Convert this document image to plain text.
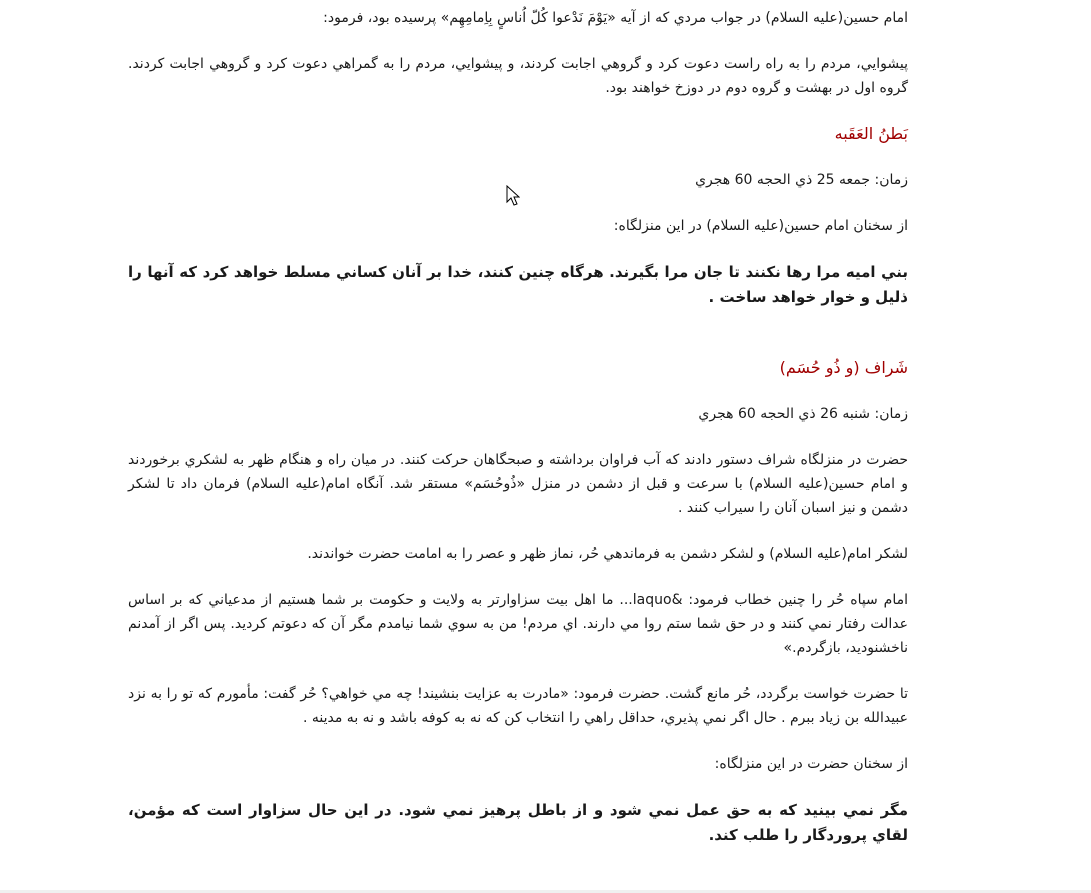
امام حسين(عليه السلام) در جواب مردي كه از آيه «يَوْمَ نَدْعوا كُلّ اُناسٍ بِاِمامِهِم» پرسيده بود، فرمود:

پيشوايي، مردم را به راه راست دعوت كرد و گروهي اجابت كردند، و پيشوايي، مردم را به گمراهي دعوت كرد و گروهي اجابت كردند. گروه اول در بهشت و گروه دوم در دوزخ خواهند بود.

بَطنُ العَقَبه

زمان: جمعه 25 ذي الحجه 60 هجري

از سخنان امام حسين(عليه السلام) در اين منزلگاه:

بني اميه مرا رها نكنند تا جان مرا بگيرند. هرگاه چنين كنند، خدا بر آنان كساني مسلط خواهد كرد كه آنها را ذليل و خوار خواهد ساخت .

شَراف (و ذُو حُسَم)

زمان: شنبه 26 ذي الحجه 60 هجري

حضرت در منزلگاه شراف دستور دادند كه آب فراوان برداشته و صبحگاهان حركت كنند. در ميان راه و هنگام ظهر به لشكري برخوردند و امام حسين(عليه السلام) با سرعت و قبل از دشمن در منزل «ذُوحُسَم» مستقر شد. آنگاه امام(عليه السلام) فرمان داد تا لشكر دشمن و نيز اسبان آنان را سيراب كنند .

لشكر امام(عليه السلام) و لشكر دشمن به فرماندهي حُر، نماز ظهر و عصر را به امامت حضرت خواندند.

امام سپاه حُر را چنين خطاب فرمود: &laquo... ما اهل بيت سزاوارتر به ولايت و حكومت بر شما هستيم از مدعياني كه بر اساس عدالت رفتار نمي كنند و در حق شما ستم روا مي دارند. اي مردم! من به سوي شما نيامدم مگر آن كه دعوتم كرديد. پس اگر از آمدنم ناخشنوديد، بازگردم.»

تا حضرت خواست برگردد، حُر مانع گشت. حضرت فرمود: «مادرت به عزايت بنشيند! چه مي خواهي؟ حُر گفت: مأمورم كه تو را به نزد عبيدالله بن زياد ببرم . حال اگر نمي پذيري، حداقل راهي را انتخاب كن كه نه به كوفه باشد و نه به مدينه .

از سخنان حضرت در اين منزلگاه:

مگر نمي بينيد كه به حق عمل نمي شود و از باطل پرهيز نمي شود. در اين حال سزاوار است كه مؤمن، لقاي پروردگار را طلب كند.
